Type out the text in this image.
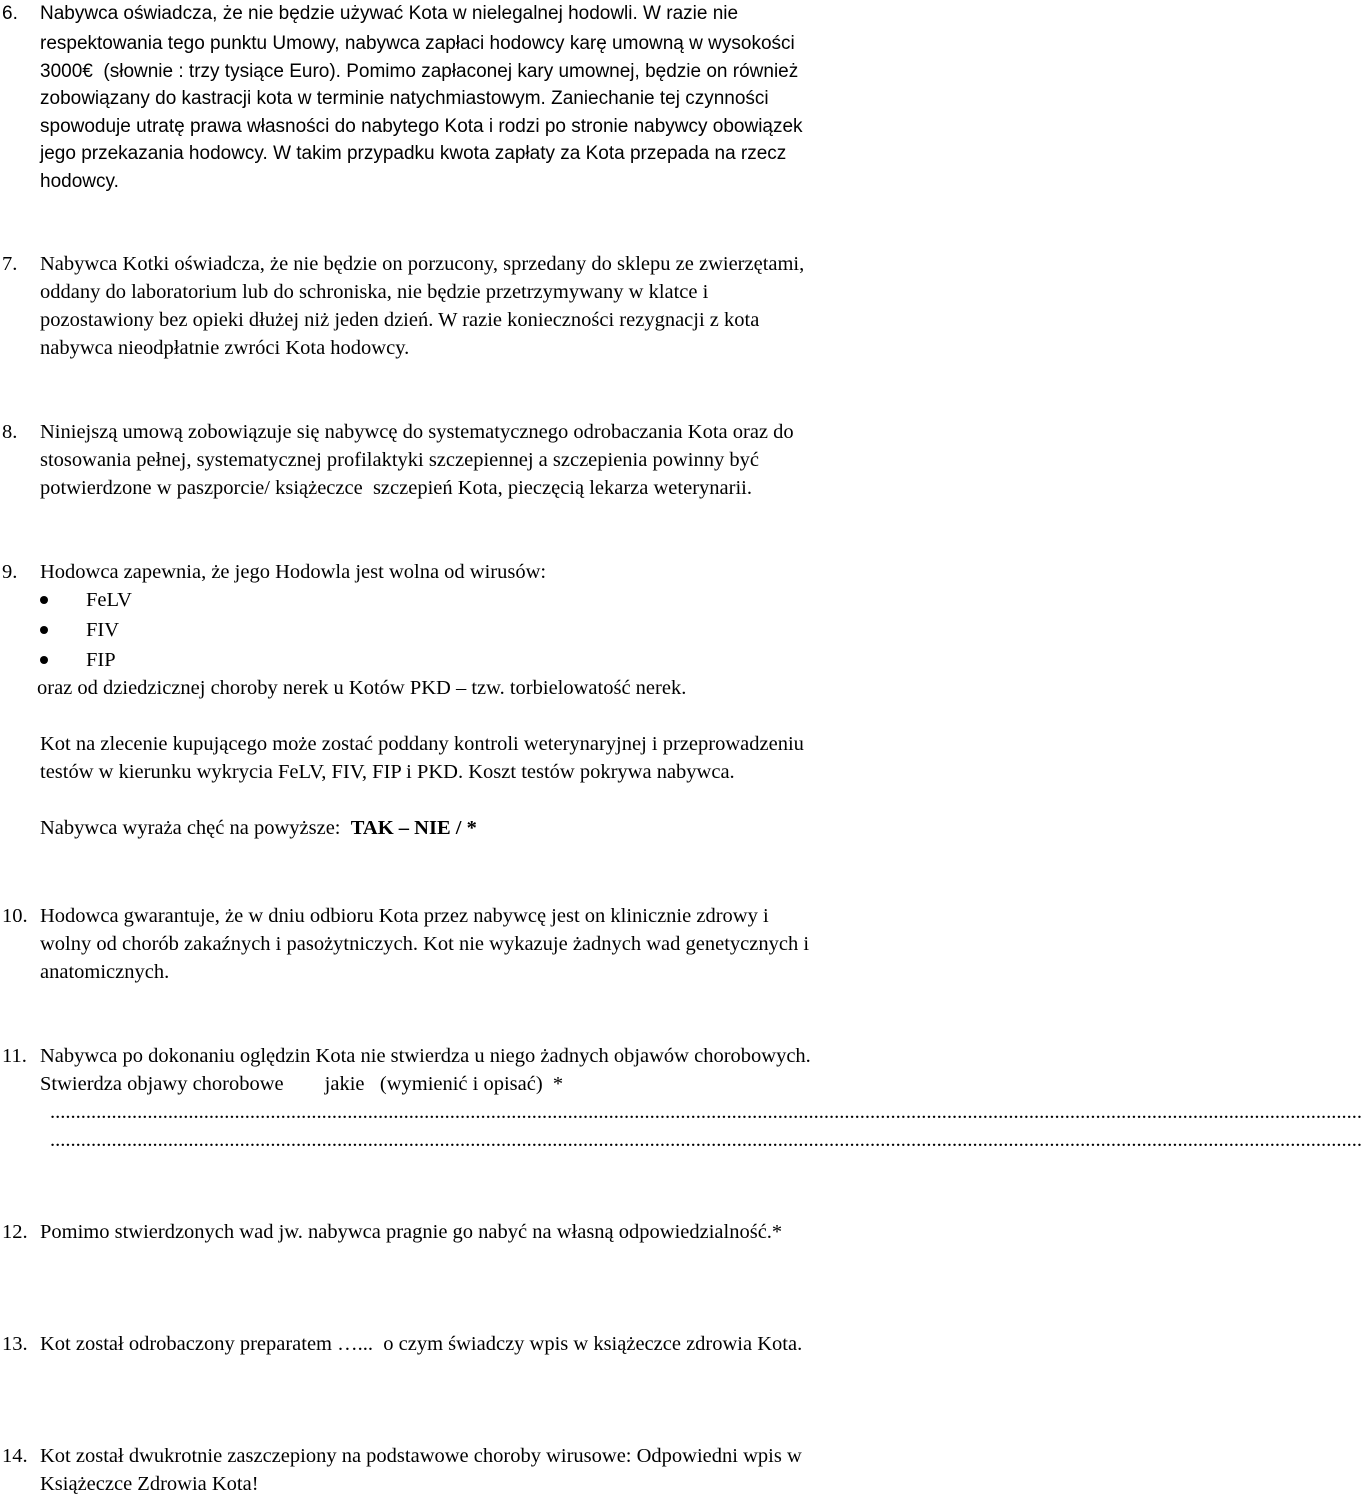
6. Nabywca oświadcza, że nie będzie używać Kota w nielegalnej hodowli. W razie nie
respektowania tego punktu Umowy, nabywca zapłaci hodowcy karę umowną w wysokości
3000€  (słownie : trzy tysiące Euro). Pomimo zapłaconej kary umownej, będzie on również
zobowiązany do kastracji kota w terminie natychmiastowym. Zaniechanie tej czynności
spowoduje utratę prawa własności do nabytego Kota i rodzi po stronie nabywcy obowiązek
jego przekazania hodowcy. W takim przypadku kwota zapłaty za Kota przepada na rzecz
hodowcy.
7. Nabywca Kotki oświadcza, że nie będzie on porzucony, sprzedany do sklepu ze zwierzętami,
oddany do laboratorium lub do schroniska, nie będzie przetrzymywany w klatce i
pozostawiony bez opieki dłużej niż jeden dzień. W razie konieczności rezygnacji z kota
nabywca nieodpłatnie zwróci Kota hodowcy.
8. Niniejszą umową zobowiązuje się nabywcę do systematycznego odrobaczania Kota oraz do
stosowania pełnej, systematycznej profilaktyki szczepiennej a szczepienia powinny być
potwierdzone w paszporcie/ książeczce  szczepień Kota, pieczęcią lekarza weterynarii.
9. Hodowca zapewnia, że jego Hodowla jest wolna od wirusów:
FeLV
FIV
FIP
oraz od dziedzicznej choroby nerek u Kotów PKD – tzw. torbielowatość nerek.
Kot na zlecenie kupującego może zostać poddany kontroli weterynaryjnej i przeprowadzeniu
testów w kierunku wykrycia FeLV, FIV, FIP i PKD. Koszt testów pokrywa nabywca.
Nabywca wyraża chęć na powyższe:  TAK – NIE / *
10. Hodowca gwarantuje, że w dniu odbioru Kota przez nabywcę jest on klinicznie zdrowy i
wolny od chorób zakaźnych i pasożytniczych. Kot nie wykazuje żadnych wad genetycznych i
anatomicznych.
11. Nabywca po dokonaniu oględzin Kota nie stwierdza u niego żadnych objawów chorobowych.
Stwierdza objawy chorobowe        jakie   (wymienić i opisać)  *
................................................................................................................................................................................................................................................................
................................................................................................................................................................................................................................................................
12. Pomimo stwierdzonych wad jw. nabywca pragnie go nabyć na własną odpowiedzialność.*
13. Kot został odrobaczony preparatem …...  o czym świadczy wpis w książeczce zdrowia Kota.
14. Kot został dwukrotnie zaszczepiony na podstawowe choroby wirusowe: Odpowiedni wpis w
Książeczce Zdrowia Kota!
